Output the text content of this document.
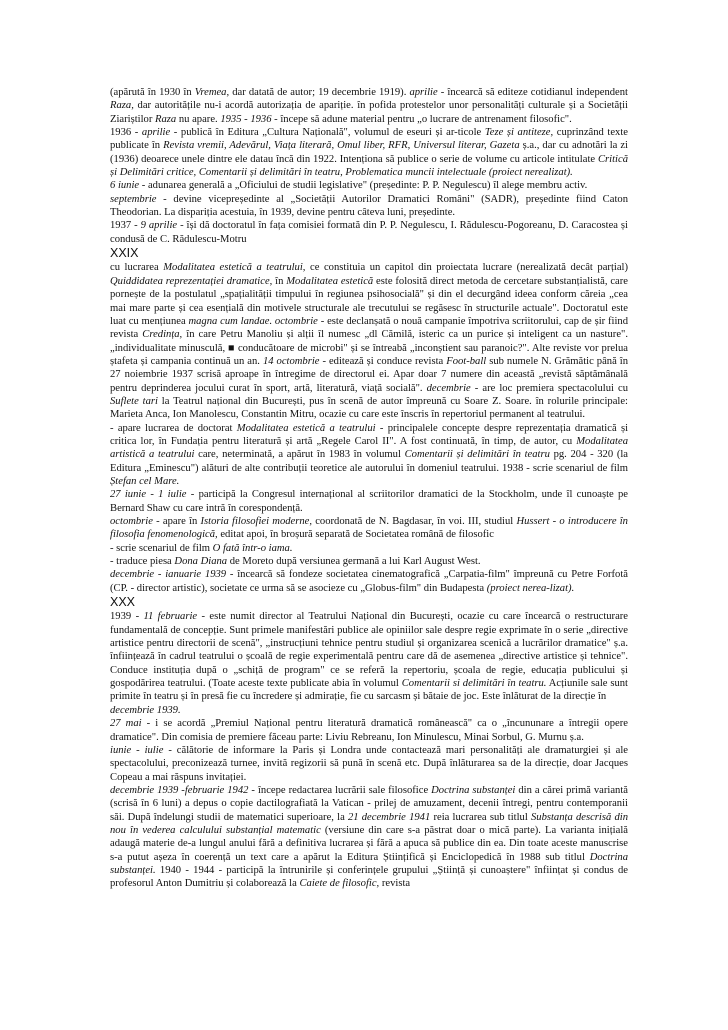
(apărută în 1930 în Vremea, dar datată de autor; 19 decembrie 1919). aprilie - încearcă să editeze cotidianul independent Raza, dar autoritățile nu-i acordă autorizația de apariție. în pofida protestelor unor personalități culturale și a Societății Ziariștilor Raza nu apare. 1935 - 1936 - începe să adune material pentru „o lucrare de antrenament filosofic".

1936 - aprilie - publică în Editura „Cultura Națională", volumul de eseuri și ar-ticole Teze și antiteze, cuprinzând texte publicate în Revista vremii, Adevărul, Viața literară, Omul liber, RFR, Universul literar, Gazeta ș.a., dar cu adnotări la zi (1936) deoarece unele dintre ele datau încă din 1922. Intenționa să publice o serie de volume cu articole intitulate Critică și Delimitări critice, Comentarii și delimitări în teatru, Problematica muncii intelectuale (proiect nerealizat).

6 iunie - adunarea generală a „Oficiului de studii legislative" (președinte: P. P. Negulescu) îl alege membru activ.

septembrie - devine vicepreședinte al „Societății Autorilor Dramatici Români" (SADR), președinte fiind Caton Theodorian. La dispariția acestuia, în 1939, devine pentru câteva luni, președinte.

1937 - 9 aprilie - își dă doctoratul în fața comisiei formată din P. P. Negulescu, I. Rădulescu-Pogoreanu, D. Caracostea și condusă de C. Rădulescu-Motru

XXIX

cu lucrarea Modalitatea estetică a teatrului, ce constituia un capitol din proiectata lucrare (nerealizată decât parțial) Quiddidatea reprezentației dramatice, în Modalitatea estetică este folosită direct metoda de cercetare substanțialistă, care pornește de la postulatul „spațialității timpului în regiunea psihosocială" și din el decurgând ideea conform căreia „cea mai mare parte și cea esențială din motivele structurale ale trecutului se regăsesc în structurile actuale". Doctoratul este luat cu mențiunea magna cum landae. octombrie - este declanșată o nouă campanie împotriva scriitorului, cap de șir fiind revista Credința, în care Petru Manoliu și alții îl numesc „dl Cămilă, isteric ca un purice și inteligent ca un nasture". „individualitate minusculă, ■ conducătoare de microbi" și se întreabă „inconștient sau paranoic?". Alte reviste vor prelua ștafeta și campania continuă un an. 14 octombrie - editează și conduce revista Foot-ball sub numele N. Grămătic până în 27 noiembrie 1937 scrisă aproape în întregime de directorul ei. Apar doar 7 numere din această „revistă săptămânală pentru deprinderea jocului curat în sport, artă, literatură, viață socială". decembrie - are loc premiera spectacolului cu Suflete tari la Teatrul național din București, pus în scenă de autor împreună cu Soare Z. Soare. în rolurile principale: Marieta Anca, Ion Manolescu, Constantin Mitru, ocazie cu care este înscris în repertoriul permanent al teatrului.

- apare lucrarea de doctorat Modalitatea estetică a teatrului - principalele concepte despre reprezentația dramatică și critica lor, în Fundația pentru literatură și artă „Regele Carol II". A fost continuată, în timp, de autor, cu Modalitatea artistică a teatrului care, neterminată, a apărut în 1983 în volumul Comentarii și delimitări în teatru pg. 204 - 320 (la Editura „Eminescu") alături de alte contribuții teoretice ale autorului în domeniul teatrului. 1938 - scrie scenariul de film Ștefan cel Mare.

27 iunie - 1 iulie - participă la Congresul internațional al scriitorilor dramatici de la Stockholm, unde îl cunoaște pe Bernard Shaw cu care intră în corespondență.

octombrie - apare în Istoria filosofiei moderne, coordonată de N. Bagdasar, în voi. III, studiul Hussert - o introducere în filosofia fenomenologică, editat apoi, în broșură separată de Societatea română de filosofic

- scrie scenariul de film O fată într-o iama.

- traduce piesa Dona Diana de Moreto după versiunea germană a lui Karl August West.

decembrie - ianuarie 1939 - încearcă să fondeze societatea cinematografică „Carpatia-film" împreună cu Petre Forfotă (CP. - director artistic), societate ce urma să se asocieze cu „Globus-film" din Budapesta (proiect nerea-lizat).

XXX

1939 - 11 februarie - este numit director al Teatrului Național din București, ocazie cu care încearcă o restructurare fundamentală de concepție. Sunt primele manifestări publice ale opiniilor sale despre regie exprimate în o serie „directive artistice pentru directorii de scenă", „instrucțiuni tehnice pentru studiul și organizarea scenică a lucrărilor dramatice" ș.a. înființează în cadrul teatrului o școală de regie experimentală pentru care dă de asemenea „directive artistice și tehnice". Conduce instituția după o „schiță de program" ce se referă la repertoriu, școala de regie, educația publicului și gospodărirea teatrului. (Toate aceste texte publicate abia în volumul Comentarii si delimitări în teatru. Acțiunile sale sunt primite în teatru și în presă fie cu încredere și admirație, fie cu sarcasm și bătaie de joc. Este înlăturat de la direcție în

decembrie 1939.

27 mai - i se acordă „Premiul Național pentru literatură dramatică românească" ca o „încununare a întregii opere dramatice". Din comisia de premiere făceau parte: Liviu Rebreanu, Ion Minulescu, Minai Sorbul, G. Murnu ș.a.

iunie - iulie - călătorie de informare la Paris și Londra unde contactează mari personalități ale dramaturgiei și ale spectacolului, preconizează turnee, invită regizorii să pună în scenă etc. După înlăturarea sa de la direcție, doar Jacques Copeau a mai răspuns invitației.

decembrie 1939 -februarie 1942 - începe redactarea lucrării sale filosofice Doctrina substanței din a cărei primă variantă (scrisă în 6 luni) a depus o copie dactilografiată la Vatican - prilej de amuzament, decenii întregi, pentru contemporanii săi. După îndelungi studii de matematici superioare, la 21 decembrie 1941 reia lucrarea sub titlul Substanța descrisă din nou în vederea calculului substanțial matematic (versiune din care s-a păstrat doar o mică parte). La varianta inițială adaugă materie de-a lungul anului fără a definitiva lucrarea și fără a apuca să publice din ea. Din toate aceste manuscrise s-a putut așeza în coerență un text care a apărut la Editura Științifică și Enciclopedică în 1988 sub titlul Doctrina substanței. 1940 - 1944 - participă la întrunirile și conferințele grupului „Știință și cunoaștere" înființat și condus de profesorul Anton Dumitriu și colaborează la Caiete de filosofic, revista
